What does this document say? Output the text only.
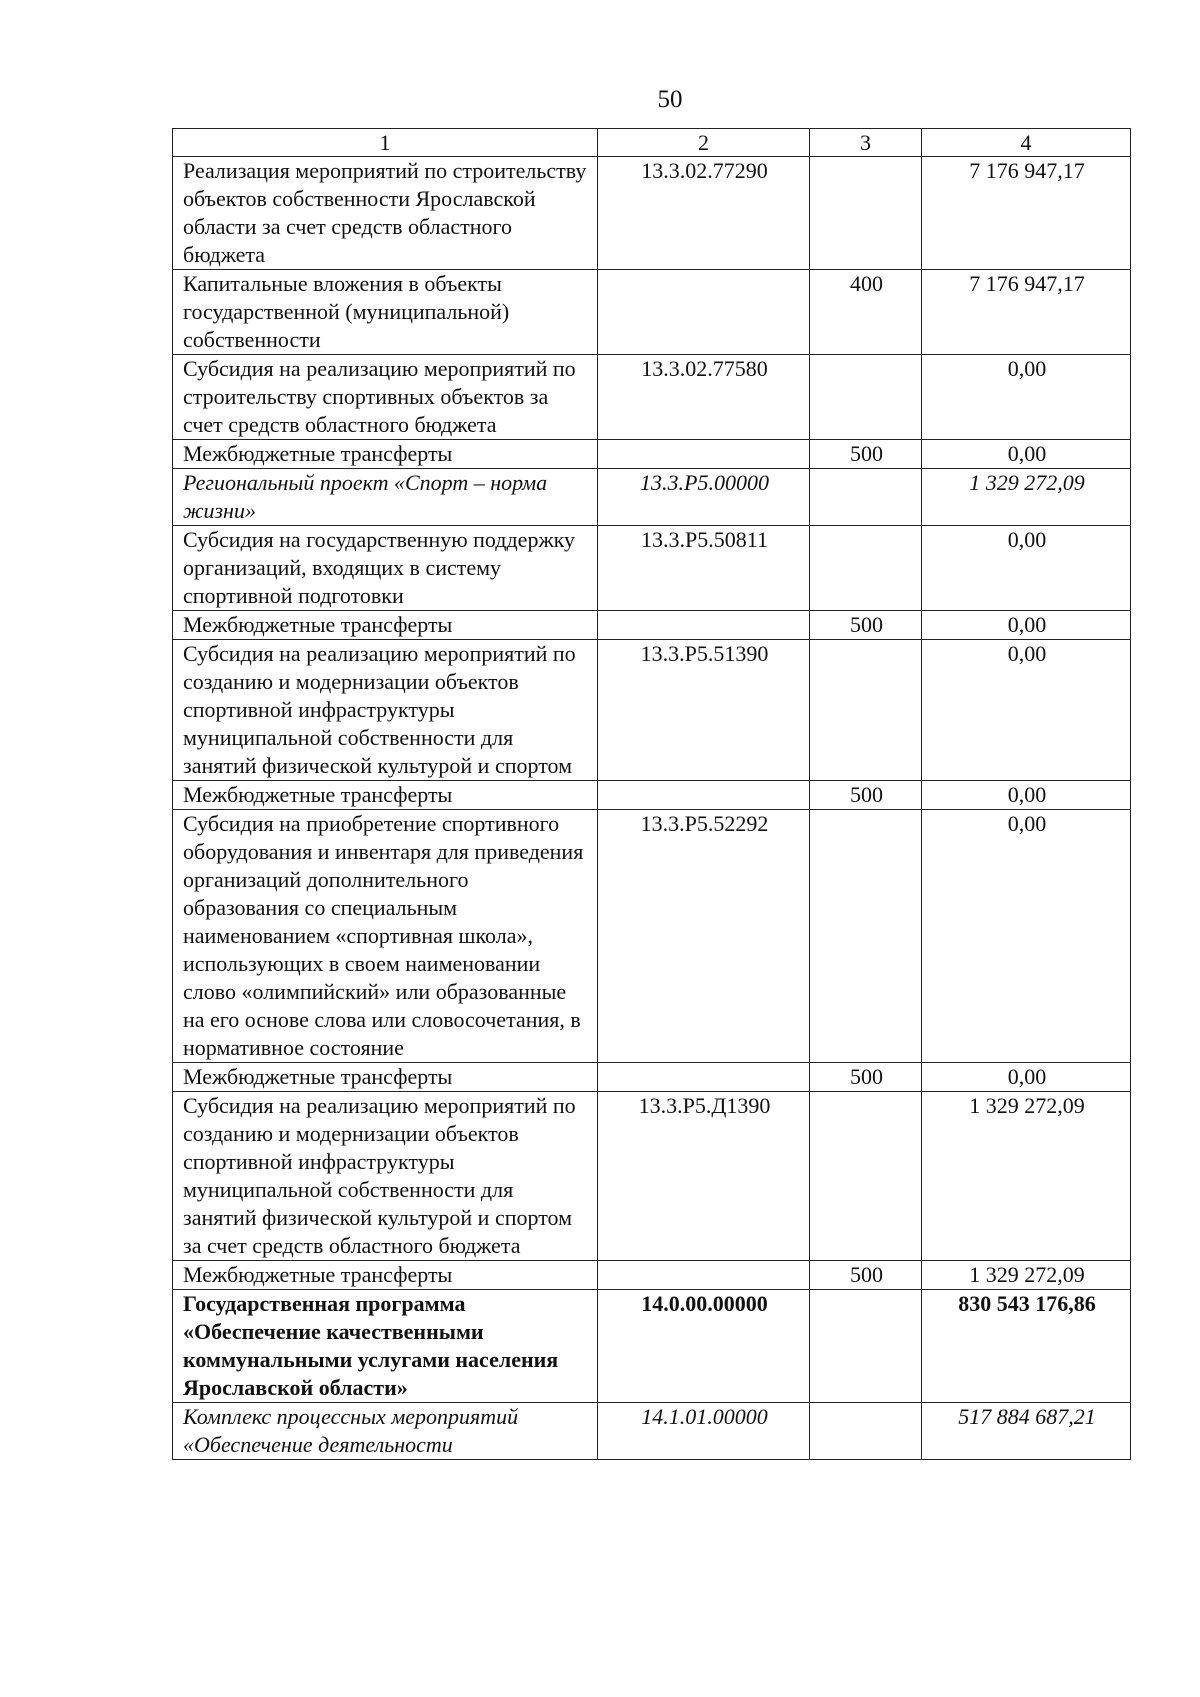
50
1	2	3	4
Реализация мероприятий по строительству объектов собственности Ярославской области за счет средств областного бюджета	13.3.02.77290		7 176 947,17
Капитальные вложения в объекты государственной (муниципальной) собственности		400	7 176 947,17
Субсидия на реализацию мероприятий по строительству спортивных объектов за счет средств областного бюджета	13.3.02.77580		0,00
Межбюджетные трансферты		500	0,00
Региональный проект «Спорт – норма жизни»	13.3.P5.00000		1 329 272,09
Субсидия на государственную поддержку организаций, входящих в систему спортивной подготовки	13.3.P5.50811		0,00
Межбюджетные трансферты		500	0,00
Субсидия на реализацию мероприятий по созданию и модернизации объектов спортивной инфраструктуры муниципальной собственности для занятий физической культурой и спортом	13.3.P5.51390		0,00
Межбюджетные трансферты		500	0,00
Субсидия на приобретение спортивного оборудования и инвентаря для приведения организаций дополнительного образования со специальным наименованием «спортивная школа», использующих в своем наименовании слово «олимпийский» или образованные на его основе слова или словосочетания, в нормативное состояние	13.3.P5.52292		0,00
Межбюджетные трансферты		500	0,00
Субсидия на реализацию мероприятий по созданию и модернизации объектов спортивной инфраструктуры муниципальной собственности для занятий физической культурой и спортом за счет средств областного бюджета	13.3.P5.Д1390		1 329 272,09
Межбюджетные трансферты		500	1 329 272,09
Государственная программа «Обеспечение качественными коммунальными услугами населения Ярославской области»	14.0.00.00000		830 543 176,86
Комплекс процессных мероприятий «Обеспечение деятельности	14.1.01.00000		517 884 687,21
